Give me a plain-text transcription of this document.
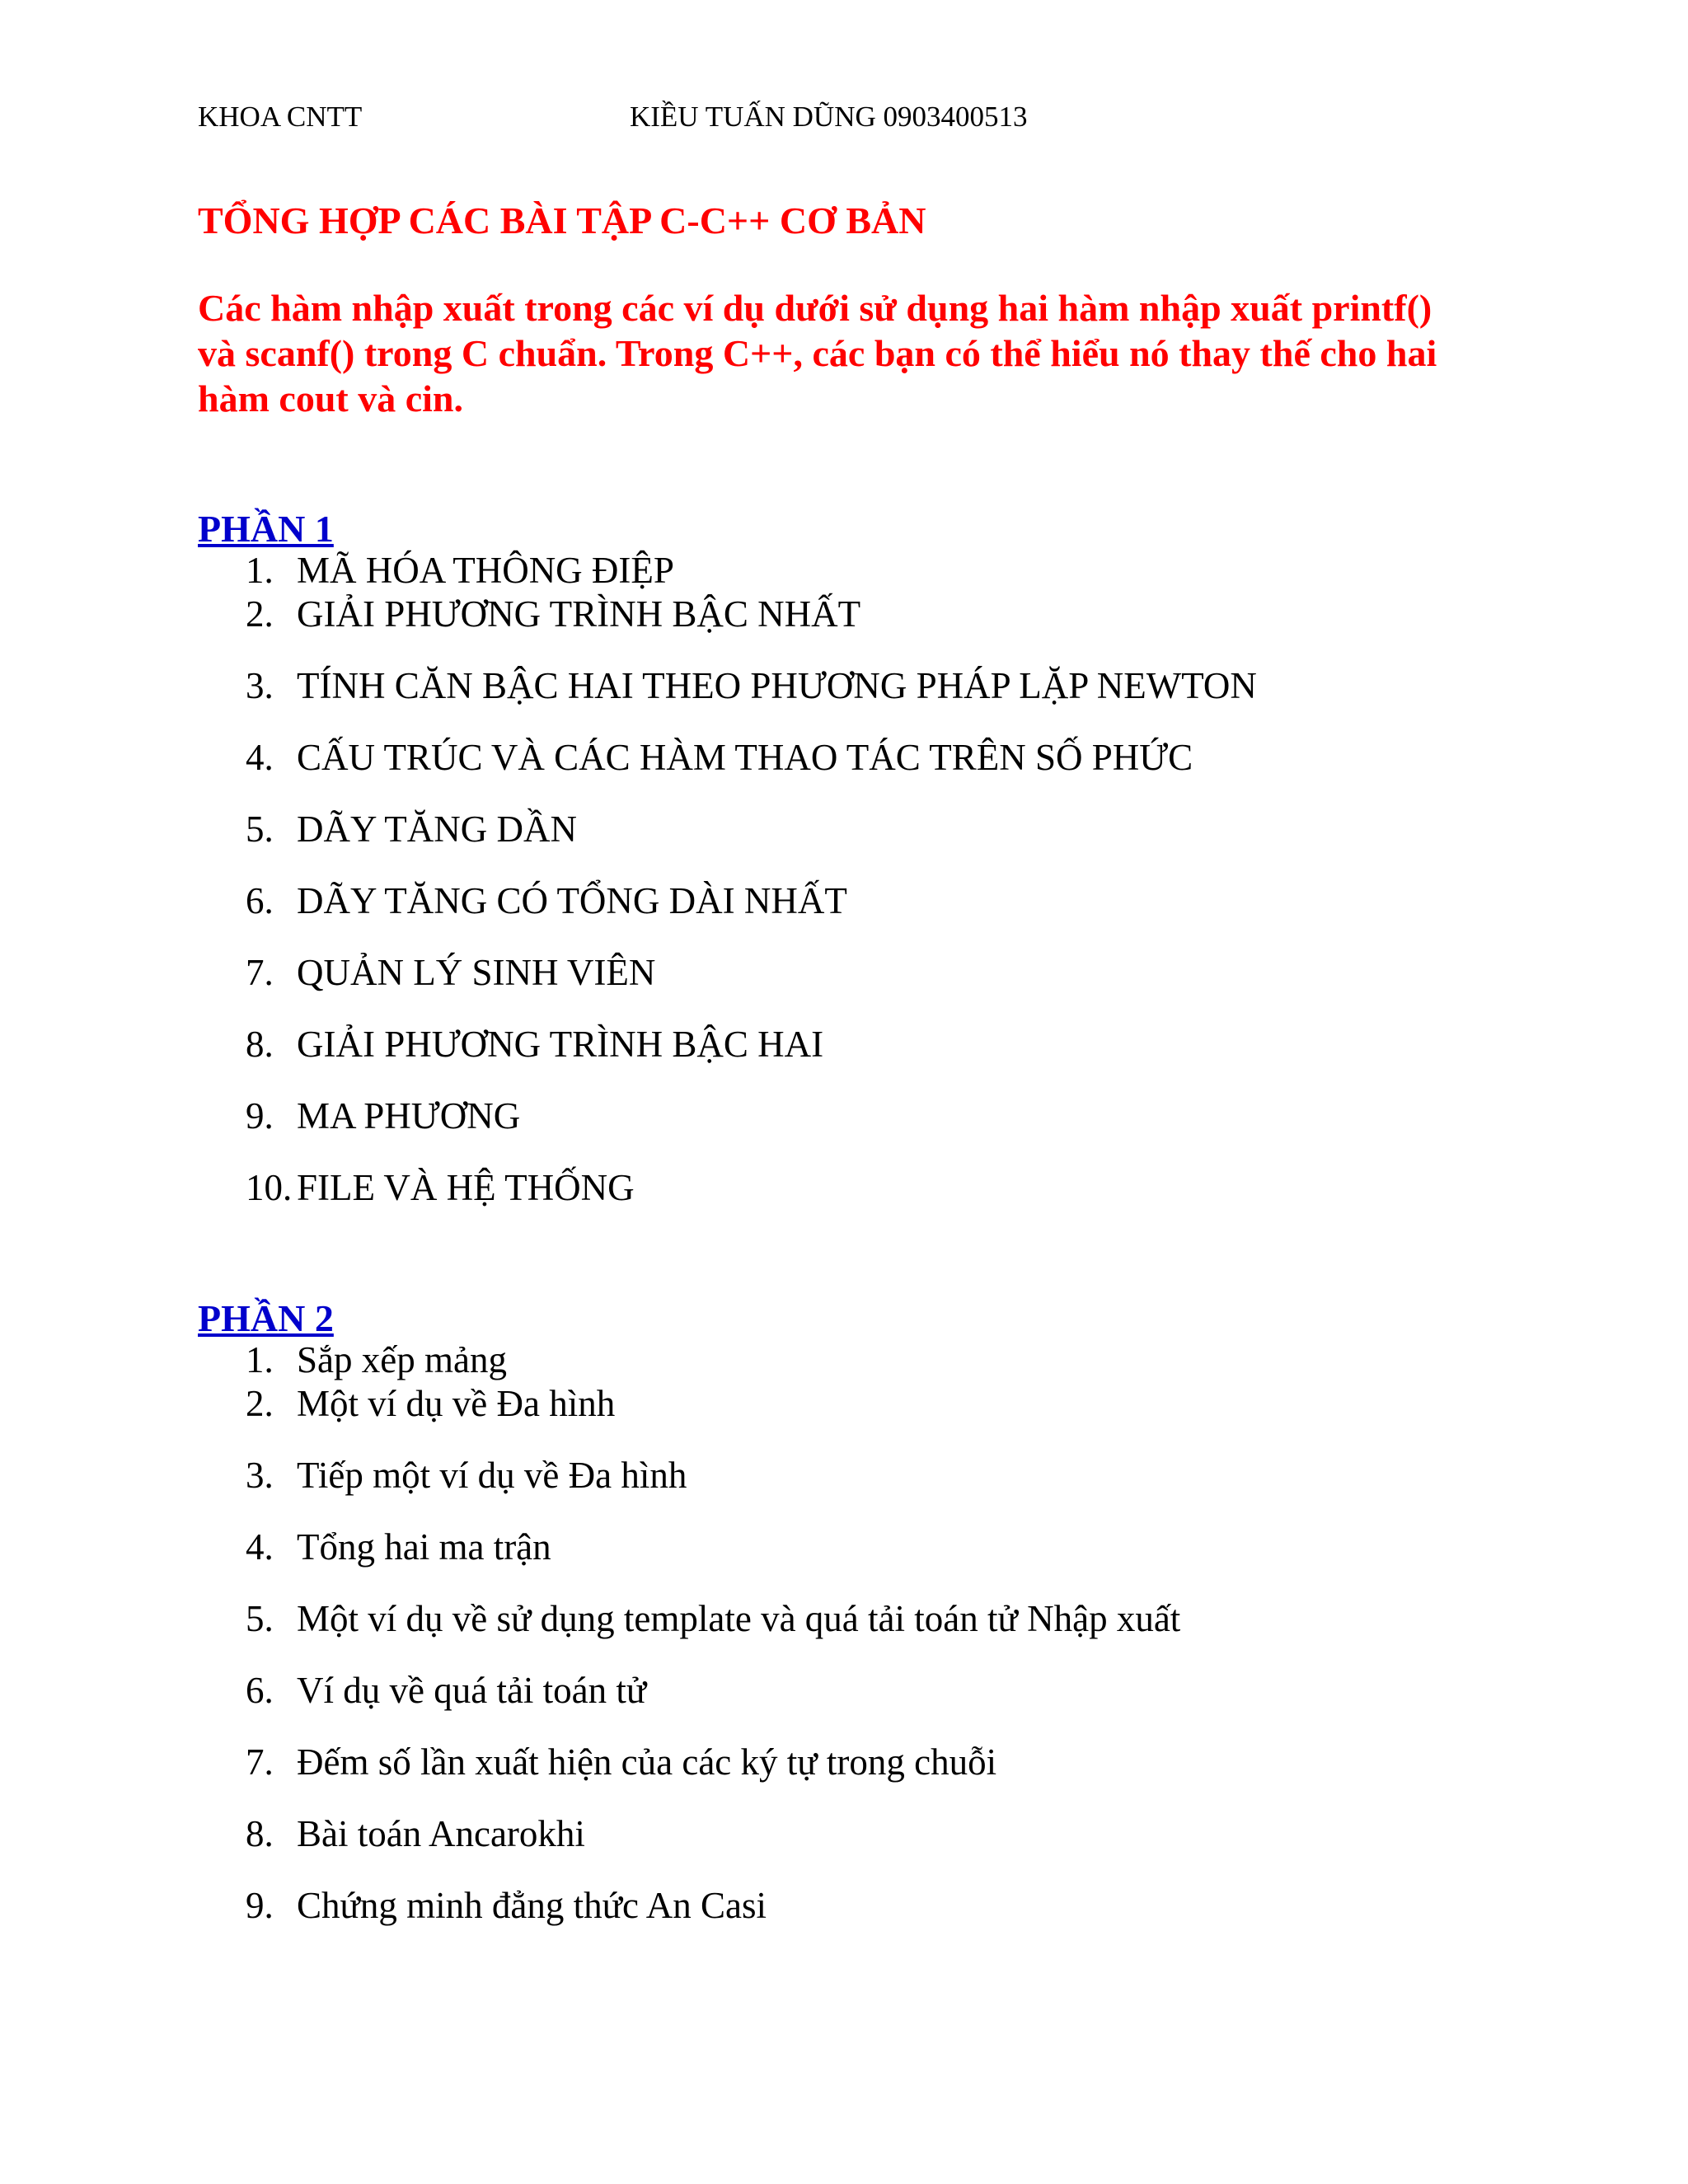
KHOA CNTT	KIỀU TUẤN DŨNG 0903400513
TỔNG HỢP CÁC BÀI TẬP C-C++ CƠ BẢN
Các hàm nhập xuất trong các ví dụ dưới sử dụng hai hàm nhập xuất printf()
và scanf() trong C chuẩn. Trong C++, các bạn có thể hiểu nó thay thế cho hai
hàm cout và cin.
PHẦN 1
1. MÃ HÓA THÔNG ĐIỆP
2. GIẢI PHƯƠNG TRÌNH BẬC NHẤT
3. TÍNH CĂN BẬC HAI THEO PHƯƠNG PHÁP LẶP NEWTON
4. CẤU TRÚC VÀ CÁC HÀM THAO TÁC TRÊN SỐ PHỨC
5. DÃY TĂNG DẦN
6. DÃY TĂNG CÓ TỔNG DÀI NHẤT
7. QUẢN LÝ SINH VIÊN
8. GIẢI PHƯƠNG TRÌNH BẬC HAI
9. MA PHƯƠNG
10. FILE VÀ HỆ THỐNG
PHẦN 2
1. Sắp xếp mảng
2. Một ví dụ về Đa hình
3. Tiếp một ví dụ về Đa hình
4. Tổng hai ma trận
5. Một ví dụ về sử dụng template và quá tải toán tử Nhập xuất
6. Ví dụ về quá tải toán tử
7. Đếm số lần xuất hiện của các ký tự trong chuỗi
8. Bài toán Ancarokhi
9. Chứng minh đẳng thức An Casi
